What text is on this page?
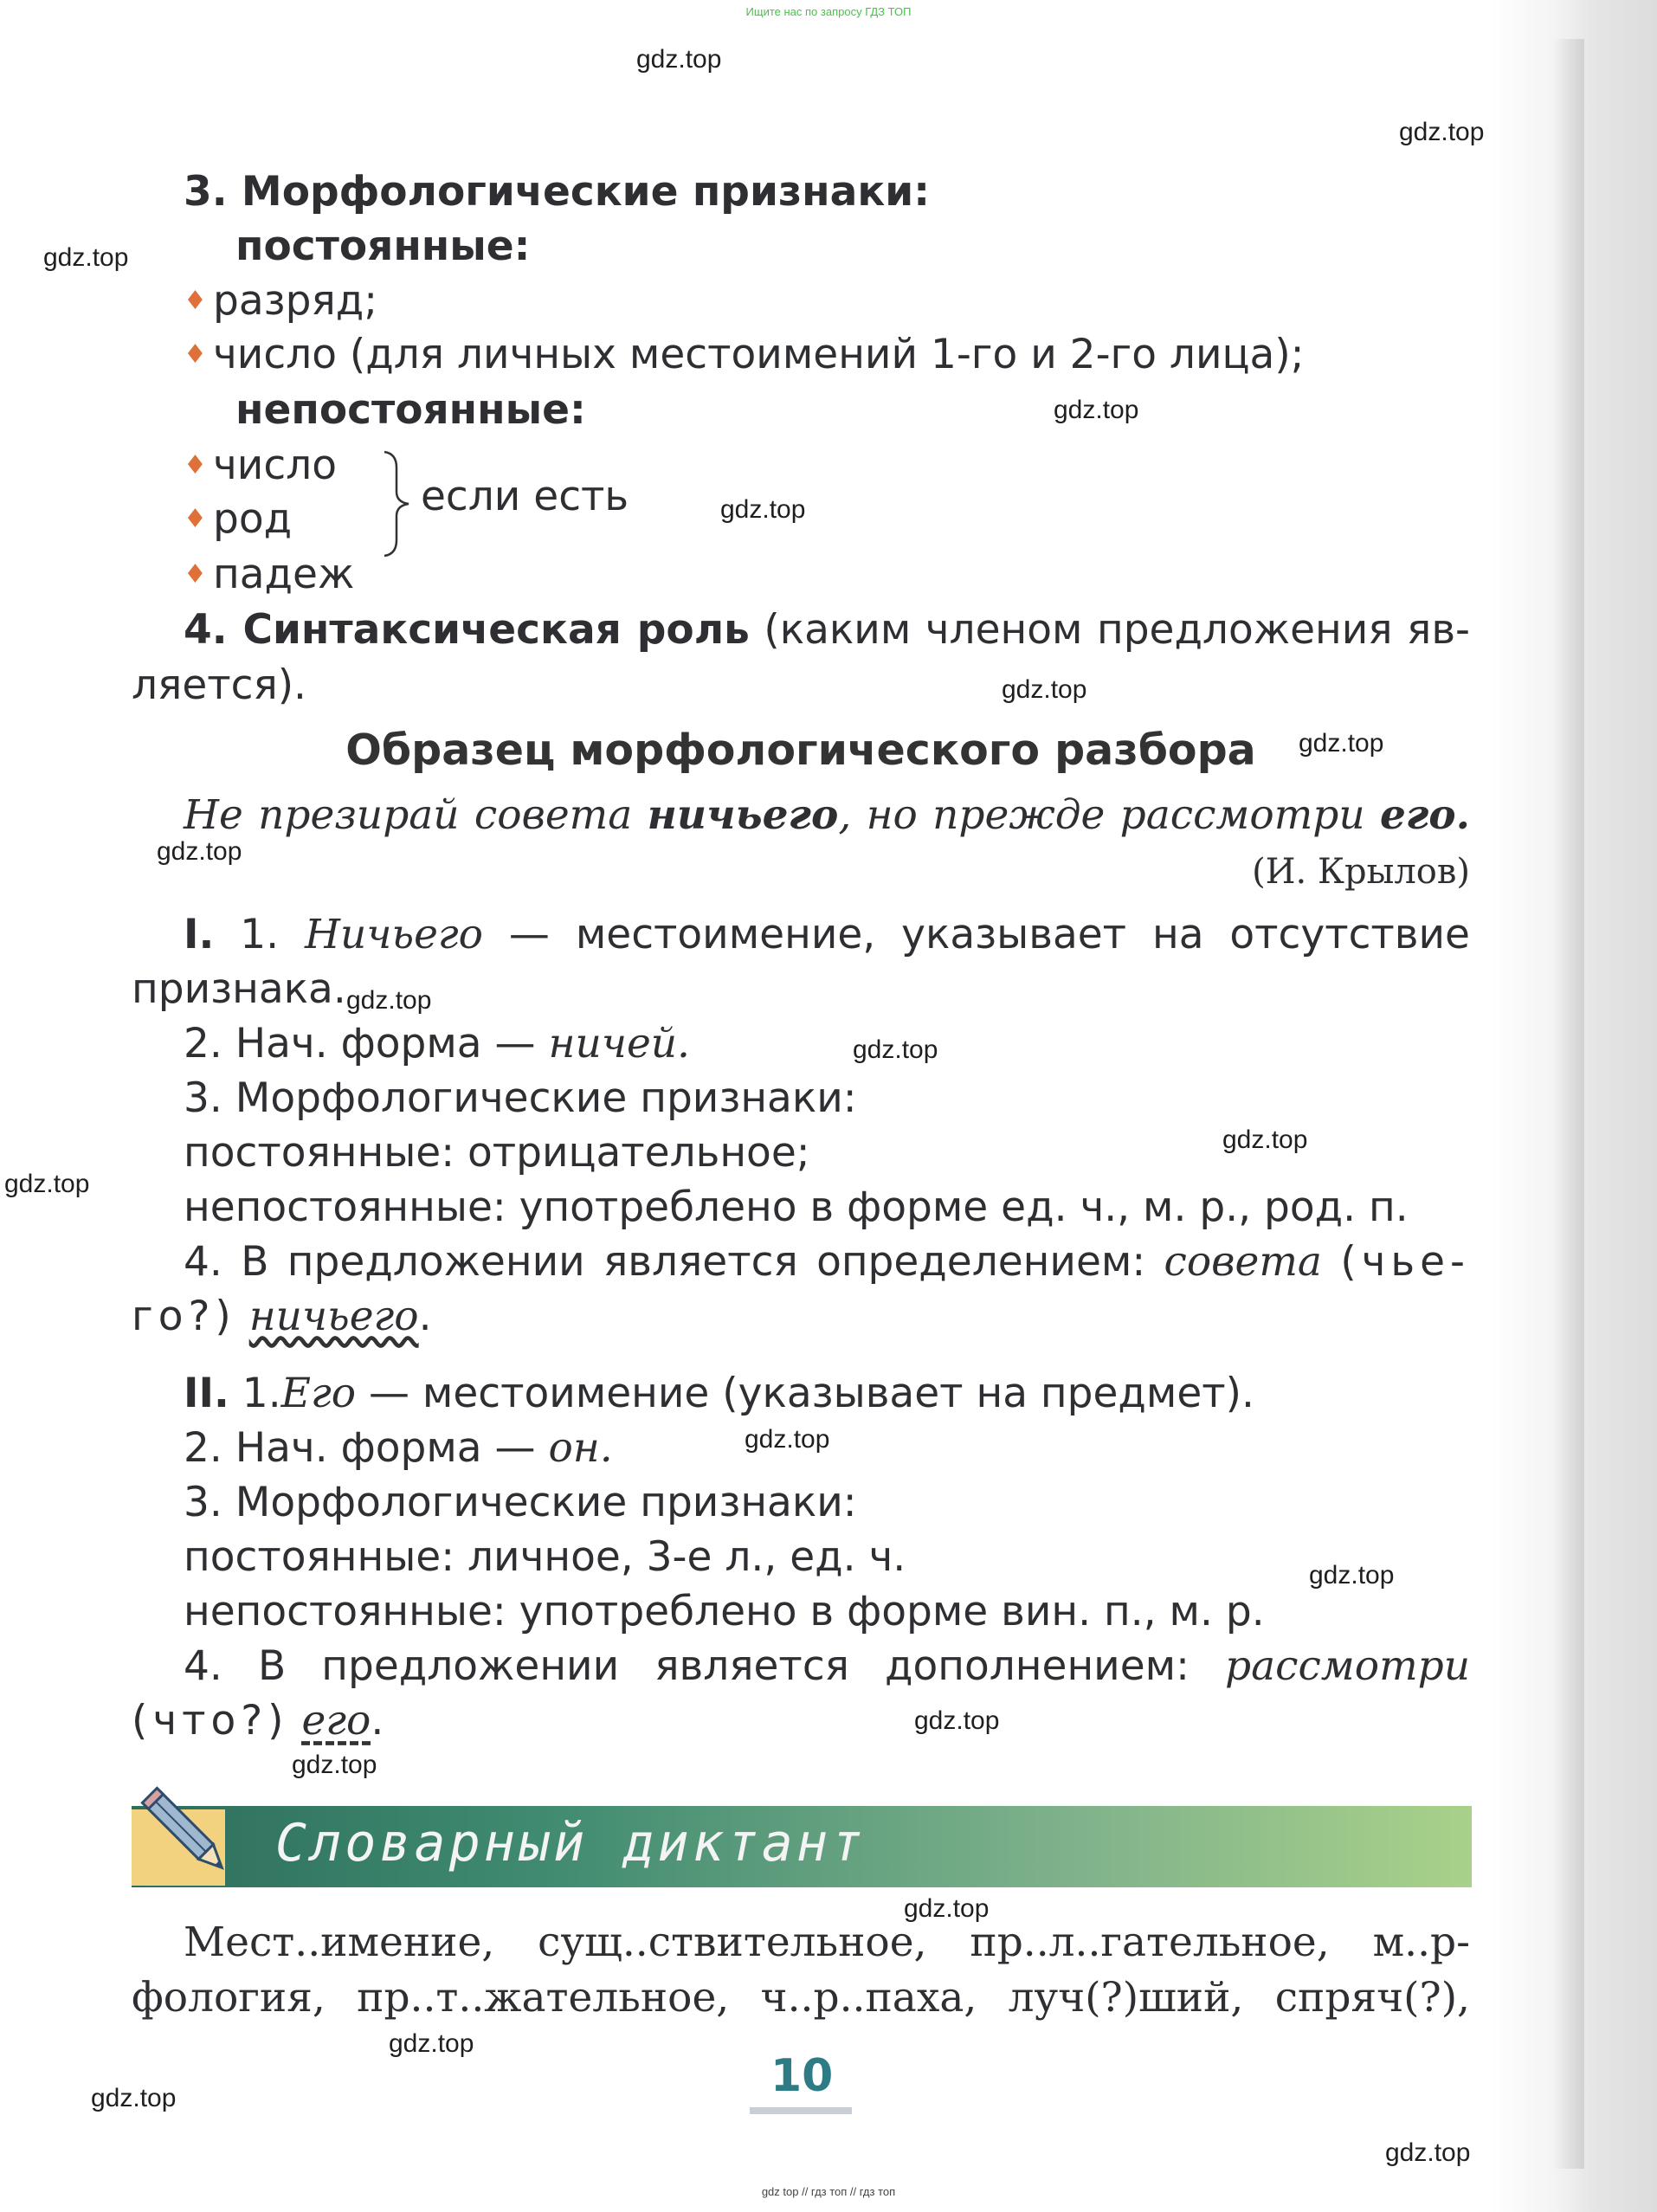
Ищите нас по запросу ГДЗ ТОП
gdz.top
gdz.top
gdz.top
gdz.top
gdz.top
gdz.top
gdz.top
gdz.top
gdz.top
gdz.top
gdz.top
gdz.top
gdz.top
gdz.top
gdz.top
gdz.top
gdz.top
gdz.top
gdz.top
gdz.top
3. Морфологические признаки:
постоянные:
♦ разряд;
♦ число (для личных местоимений 1-го и 2-го лица);
непостоянные:
♦ число
♦ род
♦ падеж
если есть
4. Синтаксическая роль (каким членом предложения яв-
ляется).
Образец морфологического разбора
Не презирай совета ничьего, но прежде рассмотри его.
(И. Крылов)
I. 1. Ничьего — местоимение, указывает на отсутствие
признака.
2. Нач. форма — ничей.
3. Морфологические признаки:
постоянные: отрицательное;
непостоянные: употреблено в форме ед. ч., м. р., род. п.
4. В предложении является определением: совета (чье-
го?) ничьего.
II. 1.Его — местоимение (указывает на предмет).
2. Нач. форма — он.
3. Морфологические признаки:
постоянные: личное, 3-е л., ед. ч.
непостоянные: употреблено в форме вин. п., м. р.
4. В предложении является дополнением: рассмотри
(что?) его.
Словарный диктант
Мест..имение, сущ..ствительное, пр..л..гательное, м..р-
фология, пр..т..жательное, ч..р..паха, луч(?)ший, спряч(?),
10
gdz top // гдз топ // гдз топ
